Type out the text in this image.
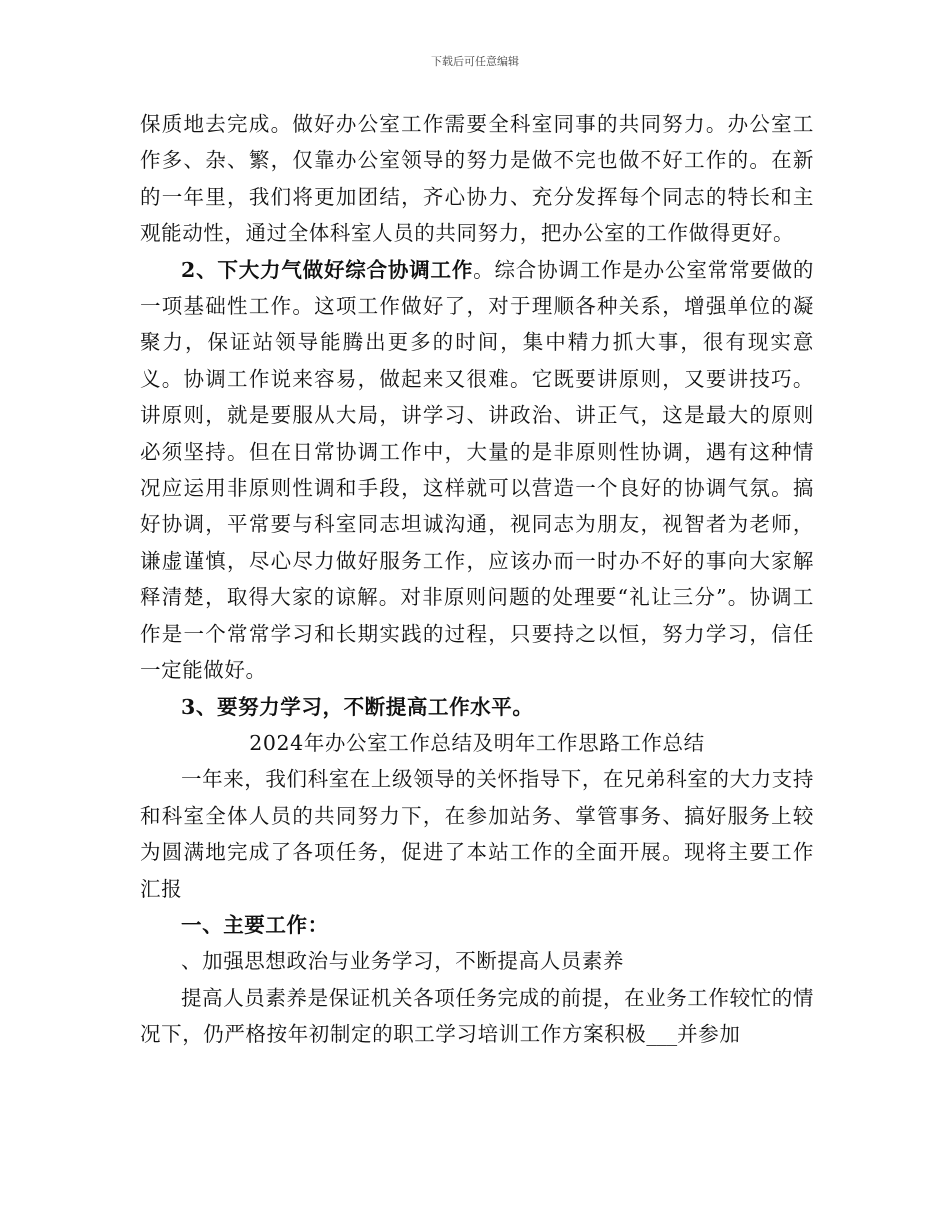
下载后可任意编辑

保质地去完成。做好办公室工作需要全科室同事的共同努力。办公室工作多、杂、繁，仅靠办公室领导的努力是做不完也做不好工作的。在新的一年里，我们将更加团结，齐心协力、充分发挥每个同志的特长和主观能动性，通过全体科室人员的共同努力，把办公室的工作做得更好。

2、下大力气做好综合协调工作。综合协调工作是办公室常常要做的一项基础性工作。这项工作做好了，对于理顺各种关系，增强单位的凝聚力，保证站领导能腾出更多的时间，集中精力抓大事，很有现实意义。协调工作说来容易，做起来又很难。它既要讲原则，又要讲技巧。讲原则，就是要服从大局，讲学习、讲政治、讲正气，这是最大的原则必须坚持。但在日常协调工作中，大量的是非原则性协调，遇有这种情况应运用非原则性调和手段，这样就可以营造一个良好的协调气氛。搞好协调，平常要与科室同志坦诚沟通，视同志为朋友，视智者为老师，谦虚谨慎，尽心尽力做好服务工作，应该办而一时办不好的事向大家解释清楚，取得大家的谅解。对非原则问题的处理要“礼让三分”。协调工作是一个常常学习和长期实践的过程，只要持之以恒，努力学习，信任一定能做好。

3、要努力学习，不断提高工作水平。

2024年办公室工作总结及明年工作思路工作总结

一年来，我们科室在上级领导的关怀指导下，在兄弟科室的大力支持和科室全体人员的共同努力下，在参加站务、掌管事务、搞好服务上较为圆满地完成了各项任务，促进了本站工作的全面开展。现将主要工作汇报

一、主要工作：

、加强思想政治与业务学习，不断提高人员素养

提高人员素养是保证机关各项任务完成的前提，在业务工作较忙的情况下，仍严格按年初制定的职工学习培训工作方案积极___并参加
